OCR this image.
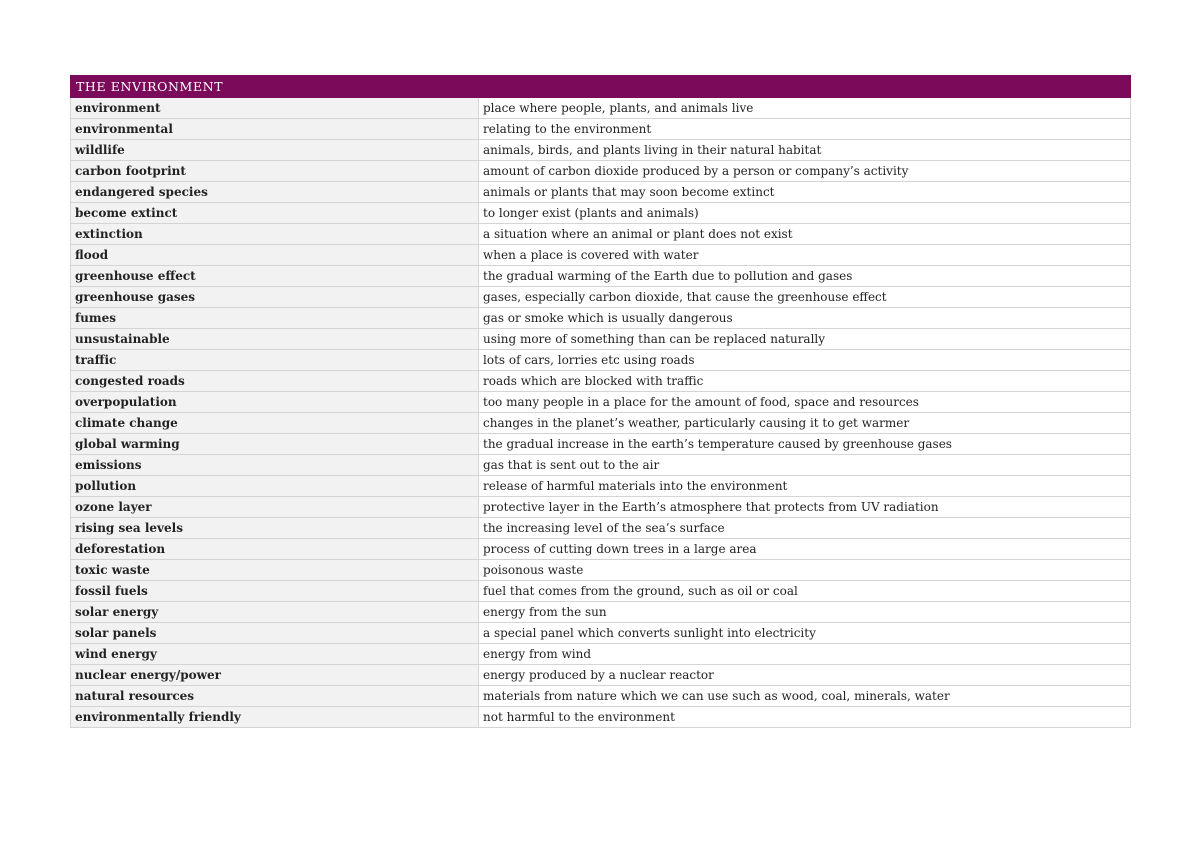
THE ENVIRONMENT	
environment	place where people, plants, and animals live
environmental	relating to the environment
wildlife	animals, birds, and plants living in their natural habitat
carbon footprint	amount of carbon dioxide produced by a person or company’s activity
endangered species	animals or plants that may soon become extinct
become extinct	to longer exist (plants and animals)
extinction	a situation where an animal or plant does not exist
flood	when a place is covered with water
greenhouse effect	the gradual warming of the Earth due to pollution and gases
greenhouse gases	gases, especially carbon dioxide, that cause the greenhouse effect
fumes	gas or smoke which is usually dangerous
unsustainable	using more of something than can be replaced naturally
traffic	lots of cars, lorries etc using roads
congested roads	roads which are blocked with traffic
overpopulation	too many people in a place for the amount of food, space and resources
climate change	changes in the planet’s weather, particularly causing it to get warmer
global warming	the gradual increase in the earth’s temperature caused by greenhouse gases
emissions	gas that is sent out to the air
pollution	release of harmful materials into the environment
ozone layer	protective layer in the Earth’s atmosphere that protects from UV radiation
rising sea levels	the increasing level of the sea’s surface
deforestation	process of cutting down trees in a large area
toxic waste	poisonous waste
fossil fuels	fuel that comes from the ground, such as oil or coal
solar energy	energy from the sun
solar panels	a special panel which converts sunlight into electricity
wind energy	energy from wind
nuclear energy/power	energy produced by a nuclear reactor
natural resources	materials from nature which we can use such as wood, coal, minerals, water
environmentally friendly	not harmful to the environment
